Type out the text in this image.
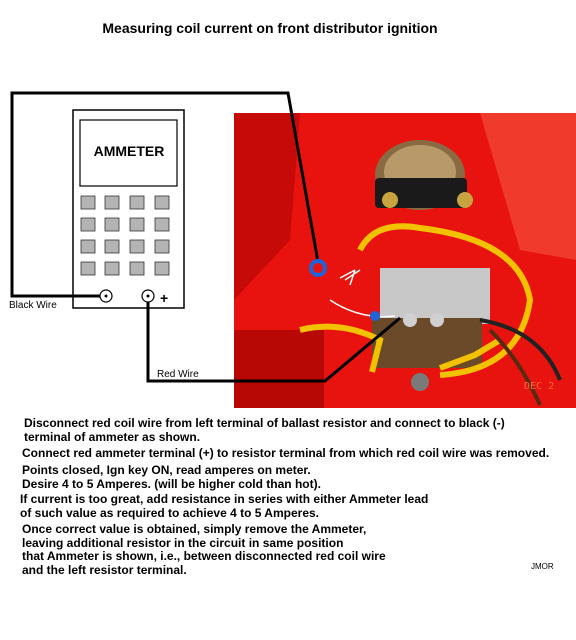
Measuring coil current on front distributor ignition
AMMETER
+
Black Wire
Red Wire
DEC 2
Disconnect red coil wire from left terminal of ballast resistor and connect to black (-)
terminal of ammeter as shown.
Connect red ammeter terminal (+) to resistor terminal from which red coil wire was removed.
Points closed, Ign key ON, read amperes on meter.
Desire 4 to 5 Amperes. (will be higher cold than hot).
If current is too great, add resistance in series with either Ammeter lead
of such value as required to achieve 4 to 5 Amperes.
Once correct value is obtained, simply remove the Ammeter,
leaving additional resistor in the circuit in same position
that Ammeter is shown, i.e., between disconnected red coil wire
and the left resistor terminal.	JMOR
